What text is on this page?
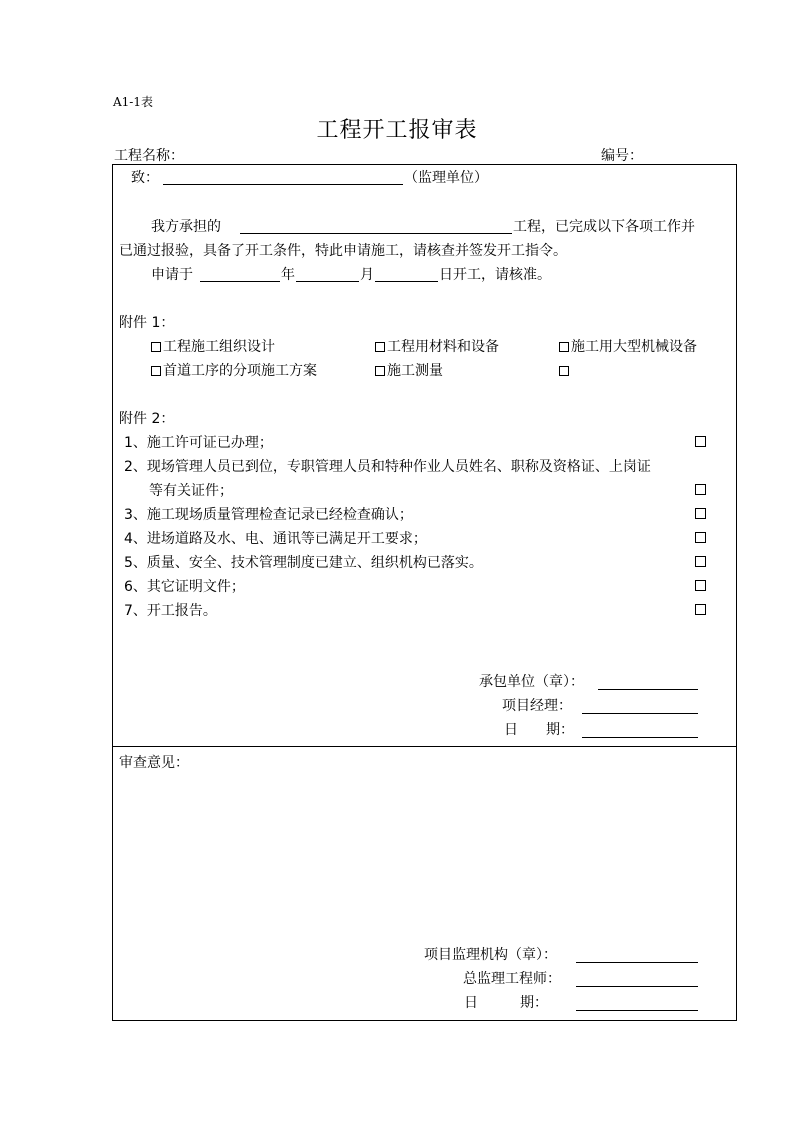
A1-1表
工程开工报审表
工程名称：	编号：
致：	（监理单位）
我方承担的	工程，已完成以下各项工作并
已通过报验，具备了开工条件，特此申请施工，请核查并签发开工指令。
申请于	年	月	日开工，请核准。
附件 1：
工程施工组织设计	工程用材料和设备	施工用大型机械设备
首道工序的分项施工方案	施工测量
附件 2：
1、施工许可证已办理；
2、现场管理人员已到位，专职管理人员和特种作业人员姓名、职称及资格证、上岗证
等有关证件；
3、施工现场质量管理检查记录已经检查确认；
4、进场道路及水、电、通讯等已满足开工要求；
5、质量、安全、技术管理制度已建立、组织机构已落实。
6、其它证明文件；
7、开工报告。
承包单位（章）：
项目经理：
日　　期：
审查意见：
项目监理机构（章）：
总监理工程师：
日　　　期：
